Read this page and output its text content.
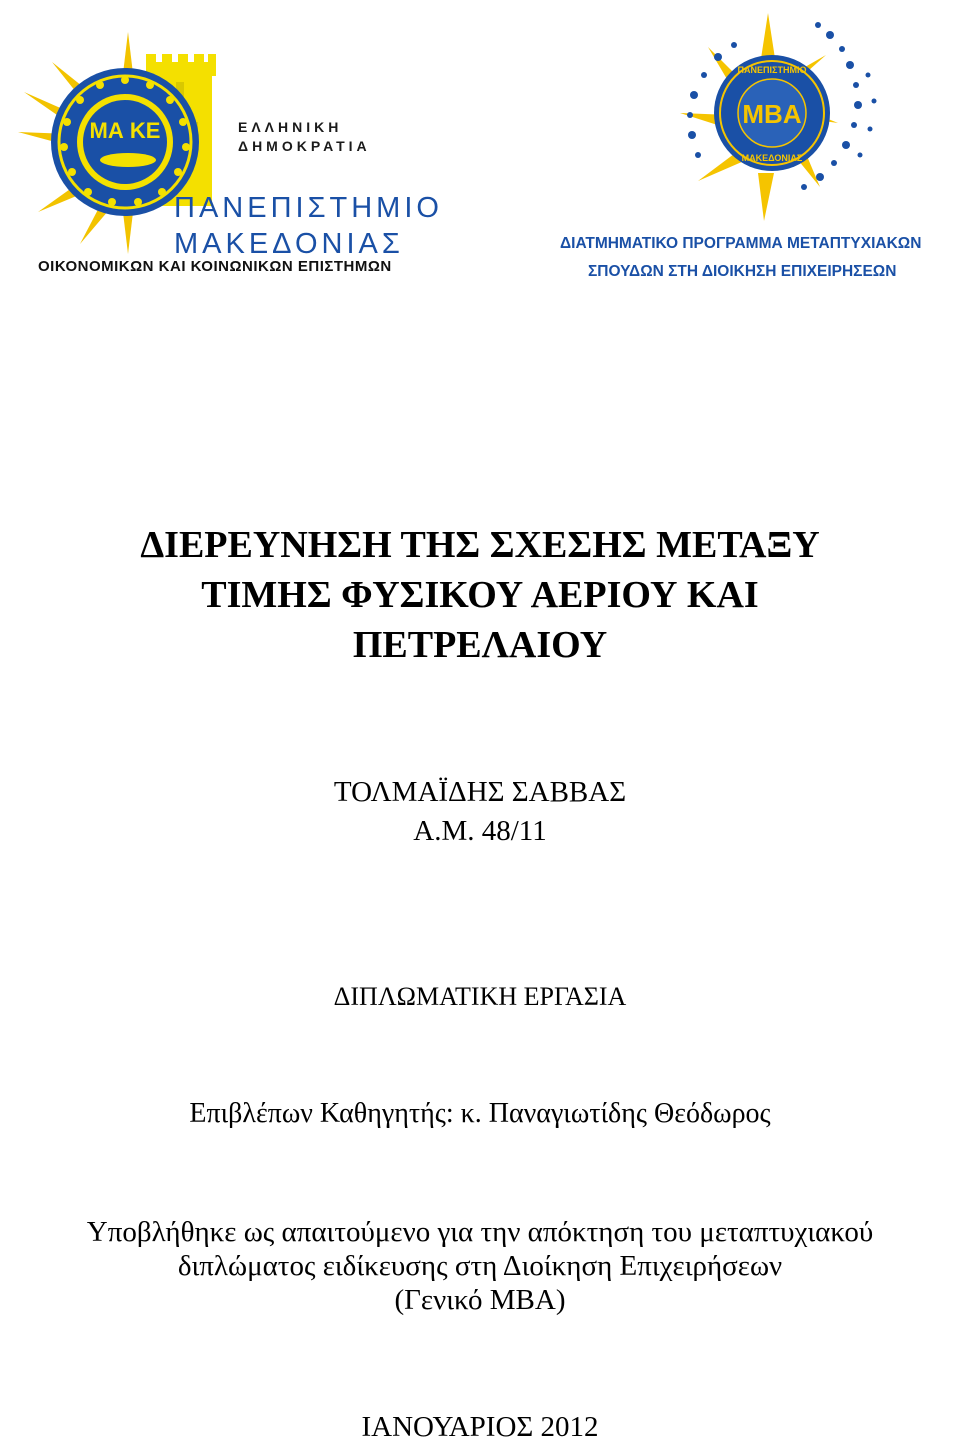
ΜΑ ΚΕ	ΕΛΛΗΝΙΚΗ
ΔΗΜΟΚΡΑΤΙΑ
ΠΑΝΕΠΙΣΤΗΜΙΟ
ΜΑΚΕΔΟΝΙΑΣ
ΟΙΚΟΝΟΜΙΚΩΝ ΚΑΙ ΚΟΙΝΩΝΙΚΩΝ ΕΠΙΣΤΗΜΩΝ
ΠΑΝΕΠΙΣΤΗΜΙΟ
ΜΑΚΕΔΟΝΙΑΣ
MBA
ΔΙΑΤΜΗΜΑΤΙΚΟ ΠΡΟΓΡΑΜΜΑ ΜΕΤΑΠΤΥΧΙΑΚΩΝ
ΣΠΟΥΔΩΝ ΣΤΗ ΔΙΟΙΚΗΣΗ ΕΠΙΧΕΙΡΗΣΕΩΝ
ΔΙΕΡΕΥΝΗΣΗ ΤΗΣ ΣΧΕΣΗΣ ΜΕΤΑΞΥ
ΤΙΜΗΣ ΦΥΣΙΚΟΥ ΑΕΡΙΟΥ ΚΑΙ
ΠΕΤΡΕΛΑΙΟΥ
ΤΟΛΜΑΪΔΗΣ ΣΑΒΒΑΣ
Α.Μ. 48/11
ΔΙΠΛΩΜΑΤΙΚΗ ΕΡΓΑΣΙΑ
Επιβλέπων Καθηγητής: κ. Παναγιωτίδης Θεόδωρος
Υποβλήθηκε ως απαιτούμενο για την απόκτηση του μεταπτυχιακού
διπλώματος ειδίκευσης στη Διοίκηση Επιχειρήσεων
(Γενικό MBA)
ΙΑΝΟΥΑΡΙΟΣ 2012
